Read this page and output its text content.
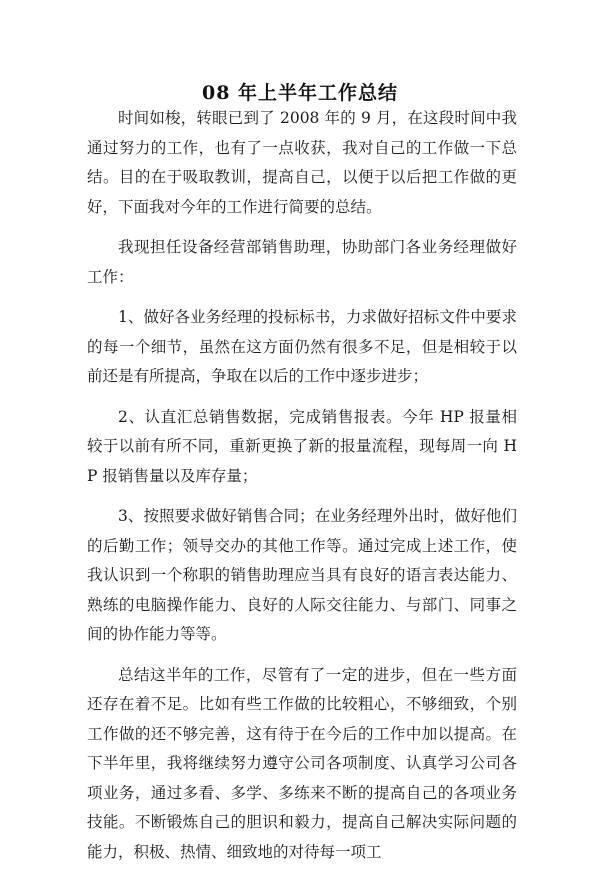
08 年上半年工作总结

时间如梭，转眼已到了 2008 年的 9 月，在这段时间中我通过努力的工作，也有了一点收获，我对自己的工作做一下总结。目的在于吸取教训，提高自己，以便于以后把工作做的更好，下面我对今年的工作进行简要的总结。

我现担任设备经营部销售助理，协助部门各业务经理做好工作：

1、做好各业务经理的投标标书，力求做好招标文件中要求的每一个细节，虽然在这方面仍然有很多不足，但是相较于以前还是有所提高，争取在以后的工作中逐步进步；

2、认直汇总销售数据，完成销售报表。今年 HP 报量相较于以前有所不同，重新更换了新的报量流程，现每周一向 HP 报销售量以及库存量；

3、按照要求做好销售合同；在业务经理外出时，做好他们的后勤工作；领导交办的其他工作等。通过完成上述工作，使我认识到一个称职的销售助理应当具有良好的语言表达能力、熟练的电脑操作能力、良好的人际交往能力、与部门、同事之间的协作能力等等。

总结这半年的工作，尽管有了一定的进步，但在一些方面还存在着不足。比如有些工作做的比较粗心，不够细致，个别工作做的还不够完善，这有待于在今后的工作中加以提高。在下半年里，我将继续努力遵守公司各项制度、认真学习公司各项业务，通过多看、多学、多练来不断的提高自己的各项业务技能。不断锻炼自己的胆识和毅力，提高自己解决实际问题的能力，积极、热情、细致地的对待每一项工
